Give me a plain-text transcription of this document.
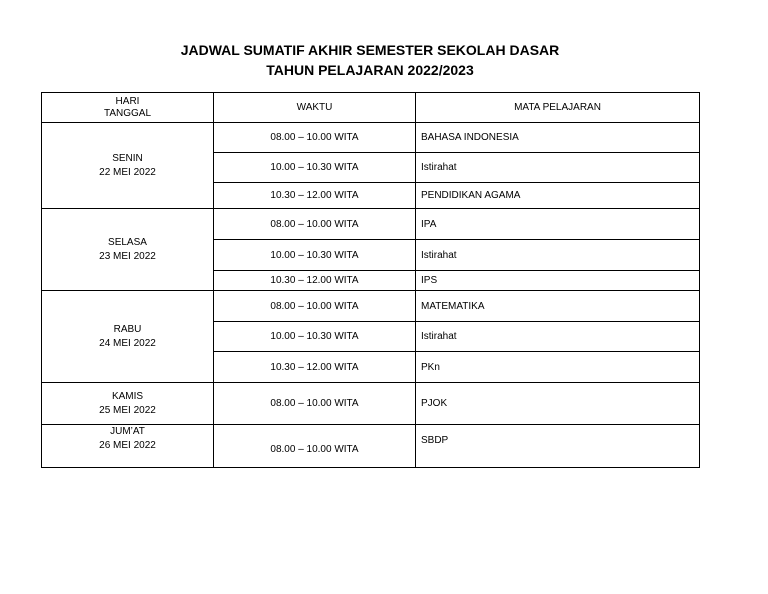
JADWAL SUMATIF AKHIR SEMESTER SEKOLAH DASAR
TAHUN PELAJARAN 2022/2023
HARI
TANGGAL	WAKTU	MATA PELAJARAN

SENIN
22 MEI 2022	08.00 – 10.00 WITA	BAHASA INDONESIA
	10.00 – 10.30 WITA	Istirahat
	10.30 – 12.00 WITA	PENDIDIKAN AGAMA

SELASA
23 MEI 2022	08.00 – 10.00 WITA	IPA
	10.00 – 10.30 WITA	Istirahat
	10.30 – 12.00 WITA	IPS

RABU
24 MEI 2022	08.00 – 10.00 WITA	MATEMATIKA
	10.00 – 10.30 WITA	Istirahat
	10.30 – 12.00 WITA	PKn

KAMIS
25 MEI 2022	08.00 – 10.00 WITA	PJOK

JUM’AT
26 MEI 2022	08.00 – 10.00 WITA	SBDP
